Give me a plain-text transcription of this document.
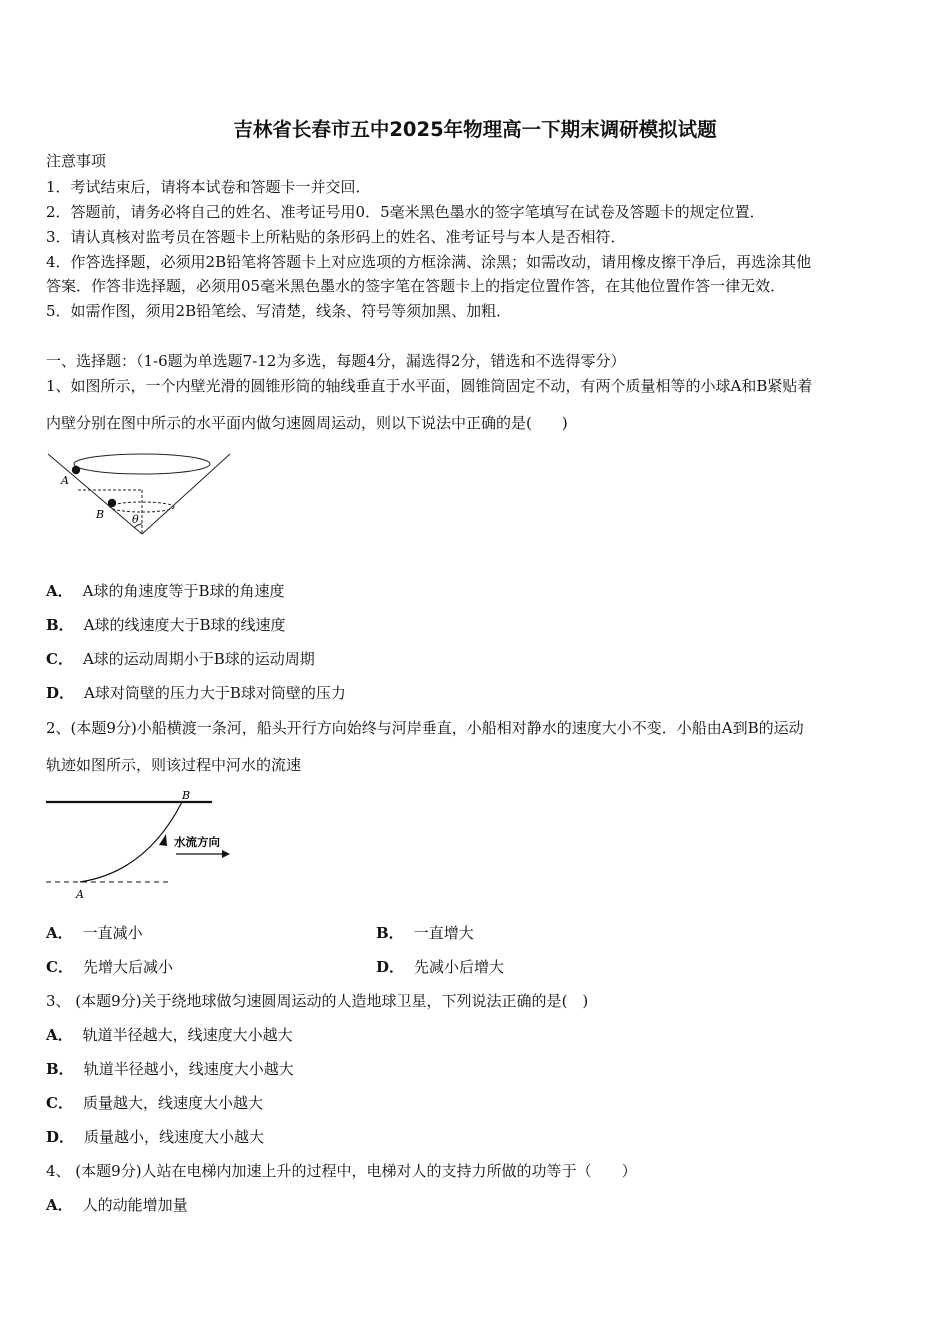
吉林省长春市五中2025年物理高一下期末调研模拟试题
注意事项
1．考试结束后，请将本试卷和答题卡一并交回．
2．答题前，请务必将自己的姓名、准考证号用0．5毫米黑色墨水的签字笔填写在试卷及答题卡的规定位置．
3．请认真核对监考员在答题卡上所粘贴的条形码上的姓名、准考证号与本人是否相符．
4．作答选择题，必须用2B铅笔将答题卡上对应选项的方框涂满、涂黑；如需改动，请用橡皮擦干净后，再选涂其他
答案．作答非选择题，必须用05毫米黑色墨水的签字笔在答题卡上的指定位置作答，在其他位置作答一律无效．
5．如需作图，须用2B铅笔绘、写清楚，线条、符号等须加黑、加粗．
一、选择题：（1-6题为单选题7-12为多选，每题4分，漏选得2分，错选和不选得零分）
1、如图所示，一个内壁光滑的圆锥形筒的轴线垂直于水平面，圆锥筒固定不动，有两个质量相等的小球A和B紧贴着
内壁分别在图中所示的水平面内做匀速圆周运动，则以下说法中正确的是(　　)
A
B	θ
A． A球的角速度等于B球的角速度
B． A球的线速度大于B球的线速度
C． A球的运动周期小于B球的运动周期
D． A球对筒壁的压力大于B球对筒壁的压力
2、(本题9分)小船横渡一条河，船头开行方向始终与河岸垂直，小船相对静水的速度大小不变．小船由A到B的运动
轨迹如图所示，则该过程中河水的流速
水流方向
A
B
A． 一直减小	B． 一直增大
C． 先增大后减小	D． 先减小后增大
3、 (本题9分)关于绕地球做匀速圆周运动的人造地球卫星，下列说法正确的是(　)
A． 轨道半径越大，线速度大小越大
B． 轨道半径越小，线速度大小越大
C． 质量越大，线速度大小越大
D． 质量越小，线速度大小越大
4、 (本题9分)人站在电梯内加速上升的过程中，电梯对人的支持力所做的功等于（　　）
A． 人的动能增加量
